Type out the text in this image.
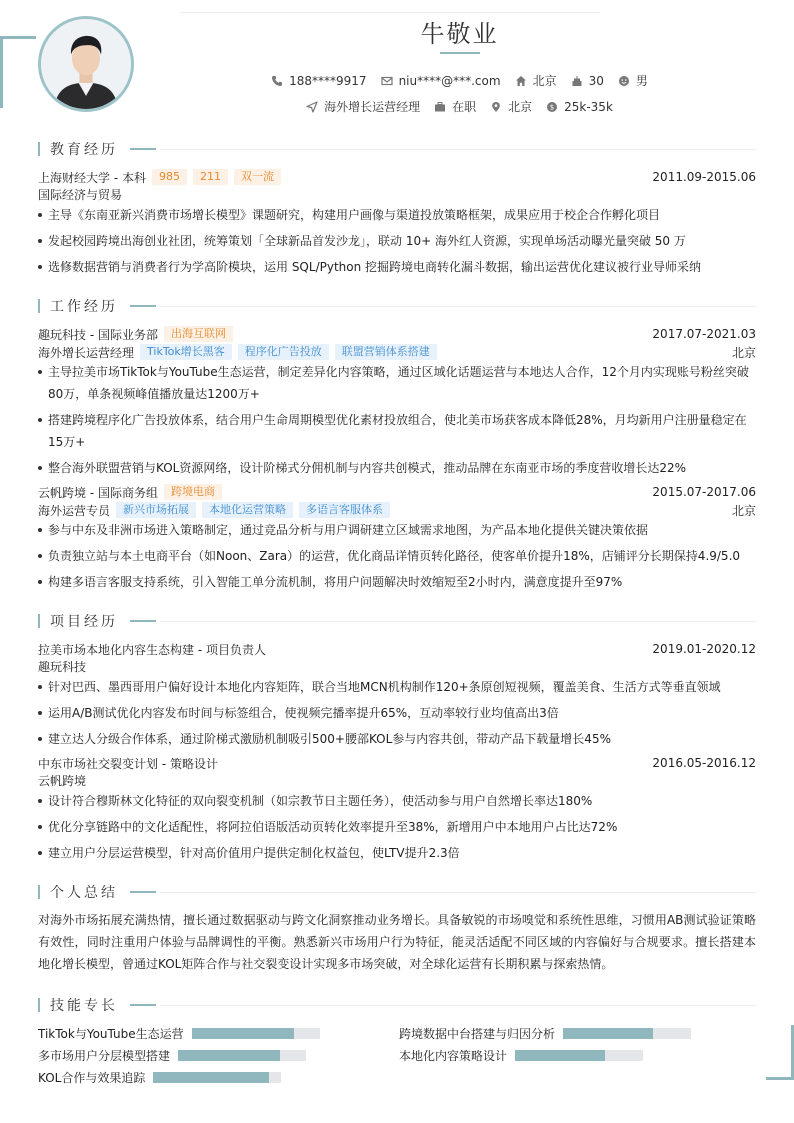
牛敬业
188****9917	niu****@***.com	北京	30	男
海外增长运营经理	在职	北京	$ 25k-35k
教育经历
上海财经大学 - 本科	985	211	双一流	2011.09-2015.06
国际经济与贸易
主导《东南亚新兴消费市场增长模型》课题研究，构建用户画像与渠道投放策略框架，成果应用于校企合作孵化项目
发起校园跨境出海创业社团，统筹策划「全球新品首发沙龙」，联动 10+ 海外红人资源，实现单场活动曝光量突破 50 万
选修数据营销与消费者行为学高阶模块，运用 SQL/Python 挖掘跨境电商转化漏斗数据，输出运营优化建议被行业导师采纳
工作经历
趣玩科技 - 国际业务部	出海互联网	2017.07-2021.03
海外增长运营经理	TikTok增长黑客	程序化广告投放	联盟营销体系搭建	北京
主导拉美市场TikTok与YouTube生态运营，制定差异化内容策略，通过区域化话题运营与本地达人合作，12个月内实现账号粉丝突破80万，单条视频峰值播放量达1200万+
搭建跨境程序化广告投放体系，结合用户生命周期模型优化素材投放组合，使北美市场获客成本降低28%，月均新用户注册量稳定在15万+
整合海外联盟营销与KOL资源网络，设计阶梯式分佣机制与内容共创模式，推动品牌在东南亚市场的季度营收增长达22%
云帆跨境 - 国际商务组	跨境电商	2015.07-2017.06
海外运营专员	新兴市场拓展	本地化运营策略	多语言客服体系	北京
参与中东及非洲市场进入策略制定，通过竞品分析与用户调研建立区域需求地图，为产品本地化提供关键决策依据
负责独立站与本土电商平台（如Noon、Zara）的运营，优化商品详情页转化路径，使客单价提升18%，店铺评分长期保持4.9/5.0
构建多语言客服支持系统，引入智能工单分流机制，将用户问题解决时效缩短至2小时内，满意度提升至97%
项目经历
拉美市场本地化内容生态构建 - 项目负责人	2019.01-2020.12
趣玩科技
针对巴西、墨西哥用户偏好设计本地化内容矩阵，联合当地MCN机构制作120+条原创短视频，覆盖美食、生活方式等垂直领域
运用A/B测试优化内容发布时间与标签组合，使视频完播率提升65%，互动率较行业均值高出3倍
建立达人分级合作体系，通过阶梯式激励机制吸引500+腰部KOL参与内容共创，带动产品下载量增长45%
中东市场社交裂变计划 - 策略设计	2016.05-2016.12
云帆跨境
设计符合穆斯林文化特征的双向裂变机制（如宗教节日主题任务），使活动参与用户自然增长率达180%
优化分享链路中的文化适配性，将阿拉伯语版活动页转化效率提升至38%，新增用户中本地用户占比达72%
建立用户分层运营模型，针对高价值用户提供定制化权益包，使LTV提升2.3倍
个人总结
对海外市场拓展充满热情，擅长通过数据驱动与跨文化洞察推动业务增长。具备敏锐的市场嗅觉和系统性思维，习惯用AB测试验证策略有效性，同时注重用户体验与品牌调性的平衡。熟悉新兴市场用户行为特征，能灵活适配不同区域的内容偏好与合规要求。擅长搭建本地化增长模型，曾通过KOL矩阵合作与社交裂变设计实现多市场突破，对全球化运营有长期积累与探索热情。
技能专长
TikTok与YouTube生态运营	跨境数据中台搭建与归因分析
多市场用户分层模型搭建	本地化内容策略设计
KOL合作与效果追踪
